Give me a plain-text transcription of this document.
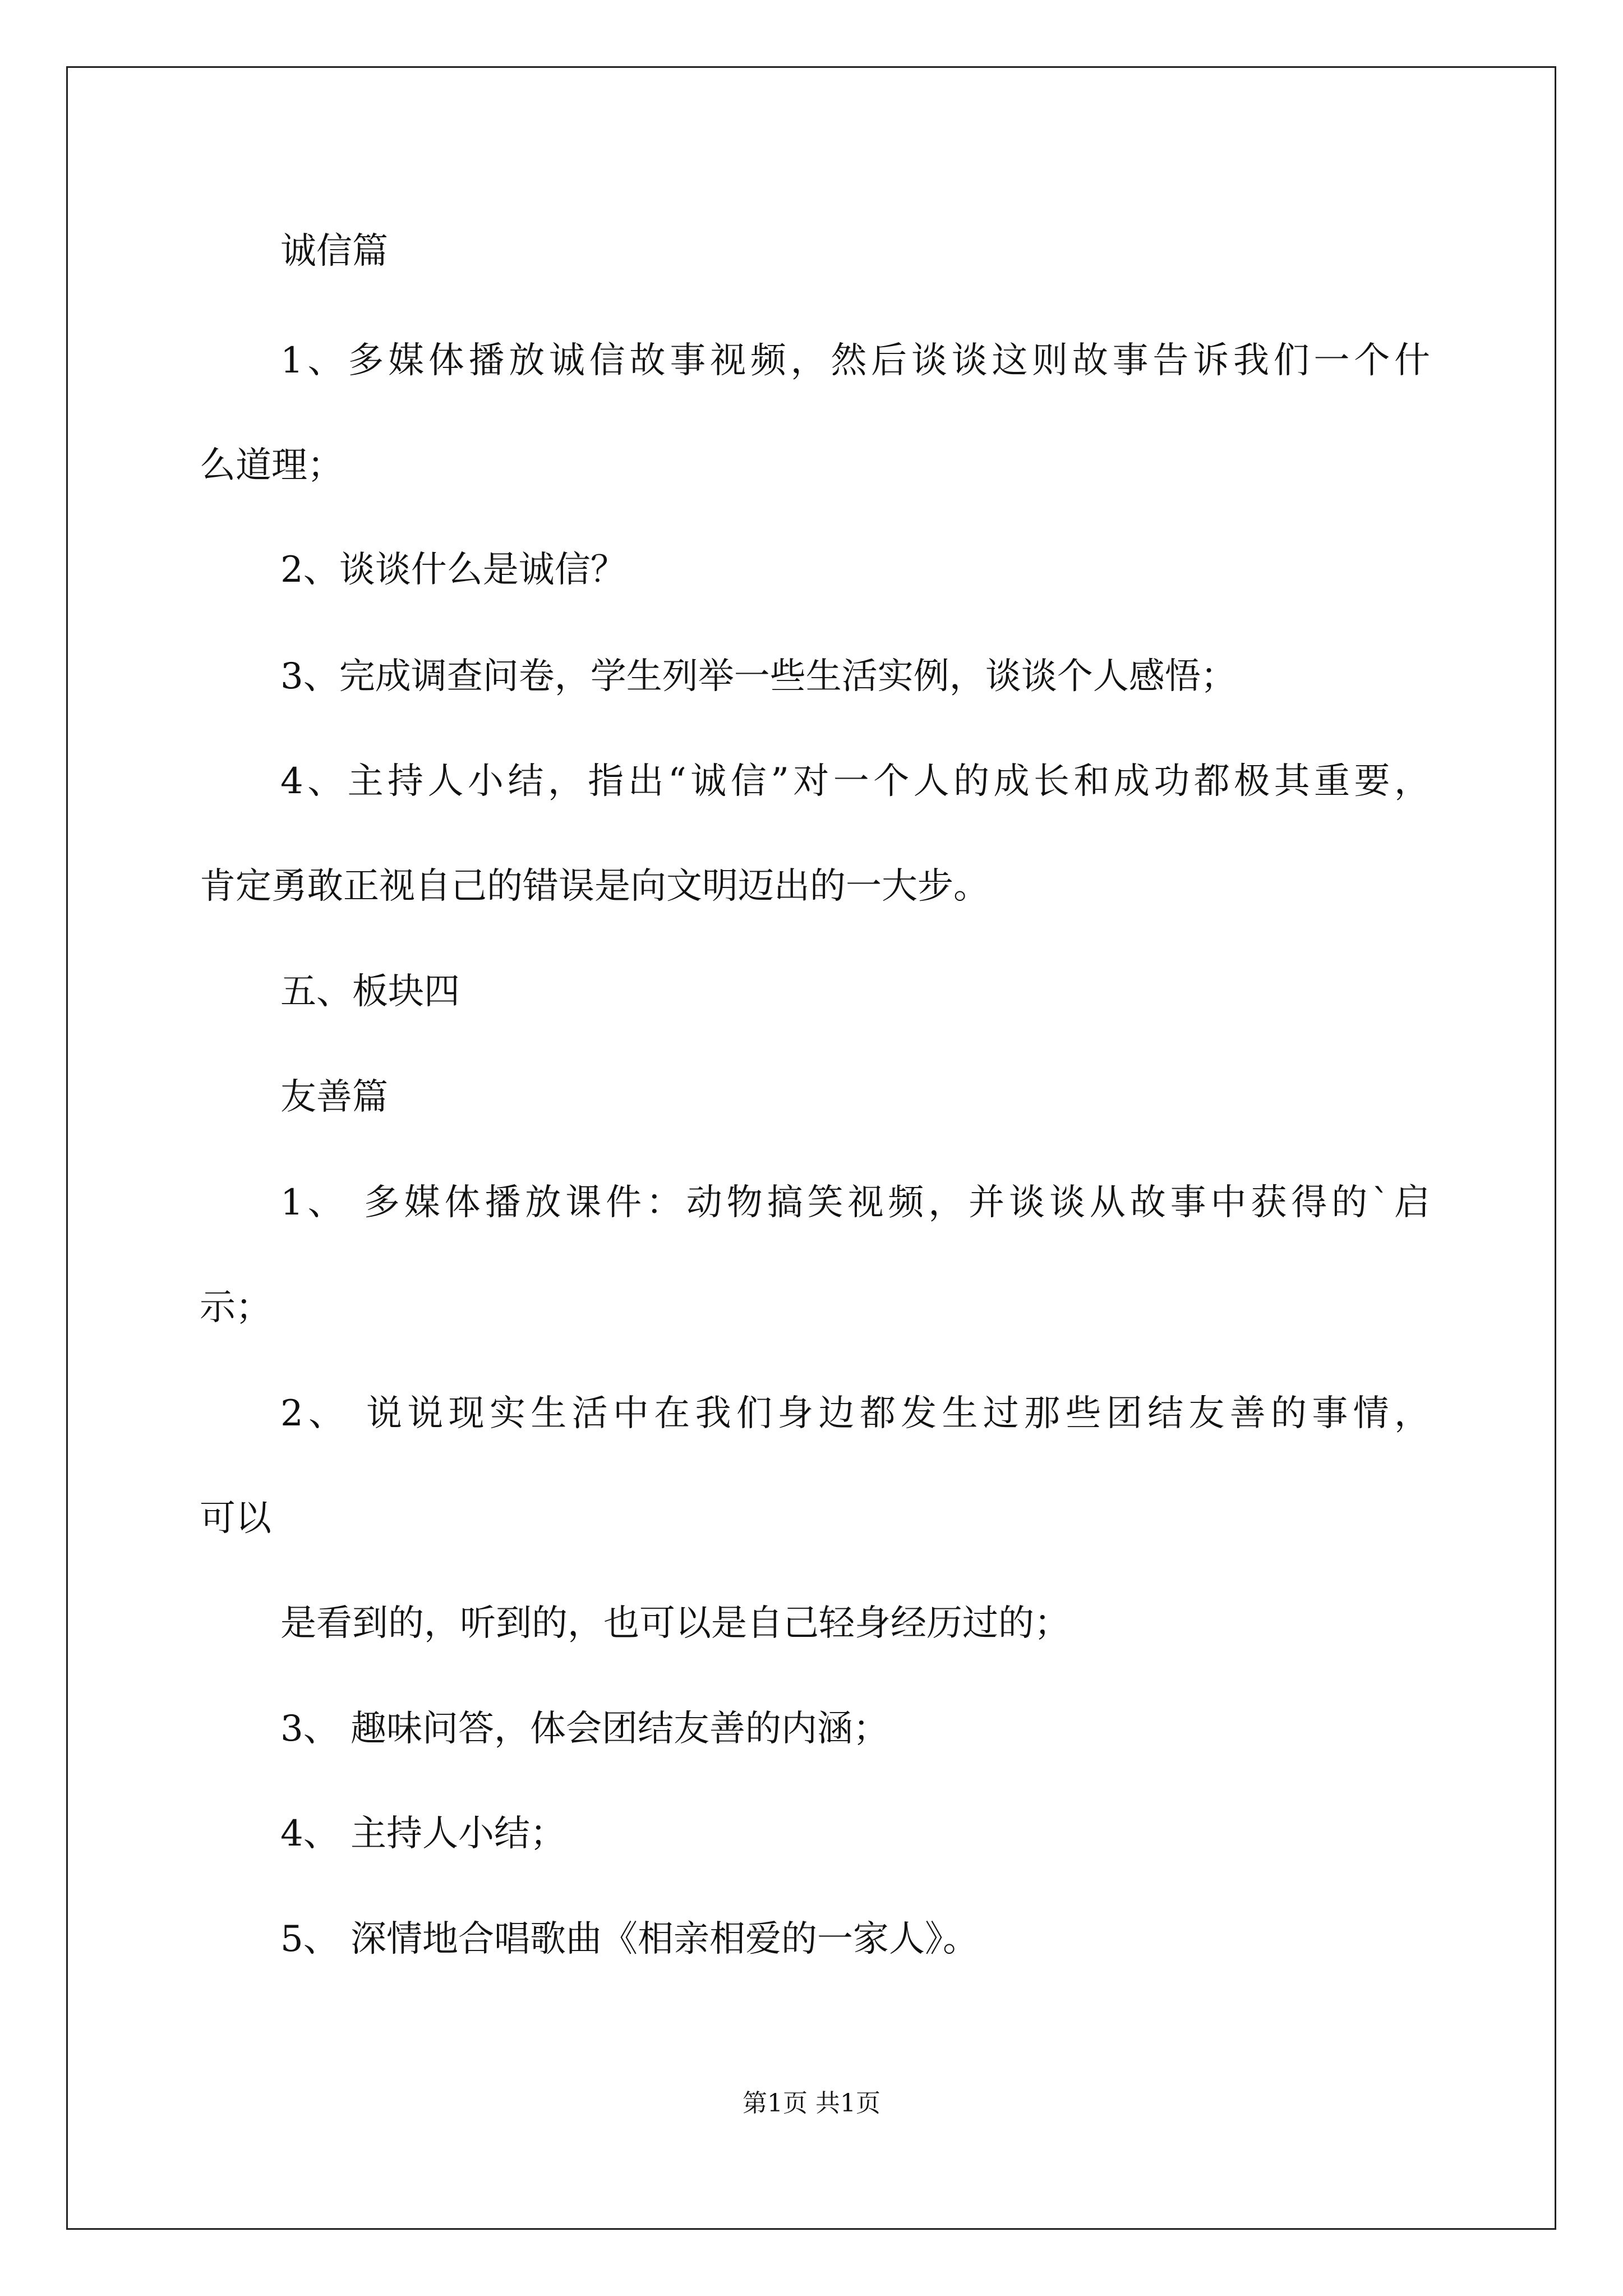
诚信篇
1、多媒体播放诚信故事视频，然后谈谈这则故事告诉我们一个什
么道理；
2、谈谈什么是诚信？
3、完成调查问卷，学生列举一些生活实例，谈谈个人感悟；
4、主持人小结，指出“诚信”对一个人的成长和成功都极其重要，
肯定勇敢正视自己的错误是向文明迈出的一大步。
五、板块四
友善篇
1、 多媒体播放课件：动物搞笑视频，并谈谈从故事中获得的`启
示；
2、 说说现实生活中在我们身边都发生过那些团结友善的事情，
可以
是看到的，听到的，也可以是自己轻身经历过的；
3、 趣味问答，体会团结友善的内涵；
4、 主持人小结；
5、 深情地合唱歌曲《相亲相爱的一家人》。
第1页 共1页
